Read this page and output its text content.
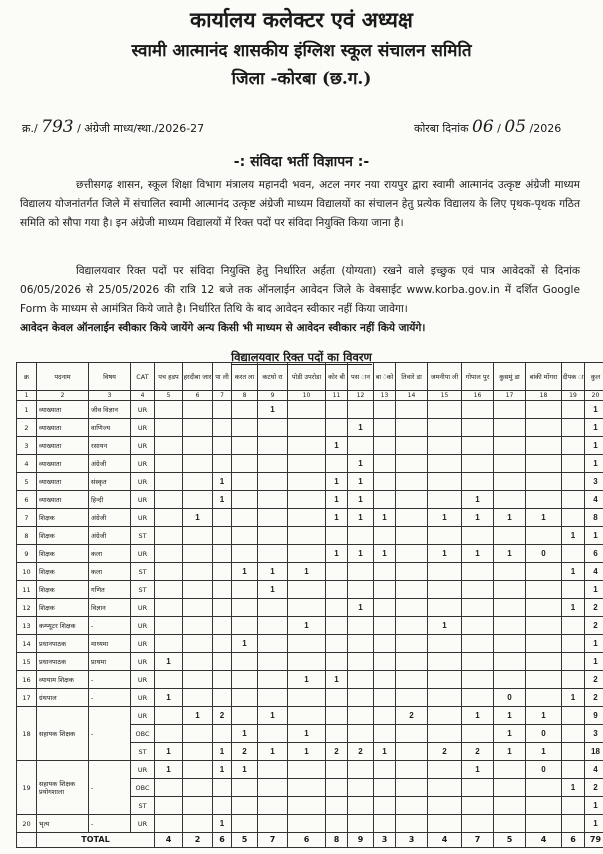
कार्यालय कलेक्टर एवं अध्यक्ष
स्वामी आत्मानंद शासकीय इंग्लिश स्कूल संचालन समिति
जिला -कोरबा (छ.ग.)
क्र./ 793 / अंग्रेजी माध्य/स्था./2026-27	कोरबा दिनांक 06 / 05 /2026
-: संविदा भर्ती विज्ञापन :-
छत्तीसगढ़ शासन, स्कूल शिक्षा विभाग मंत्रालय महानदी भवन, अटल नगर नया रायपुर द्वारा स्वामी आत्मानंद उत्कृष्ट अंग्रेजी माध्यम विद्यालय योजनांतर्गत जिले में संचालित स्वामी आत्मानंद उत्कृष्ट अंग्रेजी माध्यम विद्यालयों का संचालन हेतु प्रत्येक विद्यालय के लिए पृथक-पृथक गठित समिति को सौपा गया है। इन अंग्रेजी माध्यम विद्यालयों में रिक्त पदों पर संविदा नियुक्ति किया जाना है।
विद्यालयवार रिक्त पदों पर संविदा नियुक्ति हेतु निर्धारित अर्हता (योग्यता) रखने वाले इच्छुक एवं पात्र आवेदकों से दिनांक 06/05/2026 से 25/05/2026 की रात्रि 12 बजे तक ऑनलाईन आवेदन जिले के वेबसाईट www.korba.gov.in में दर्शित Google Form के माध्यम से आमंत्रित किये जाते है। निर्धारित तिथि के बाद आवेदन स्वीकार नहीं किया जावेगा।
आवेदन केवल ऑनलाईन स्वीकार किये जायेंगे अन्य किसी भी माध्यम से आवेदन स्वीकार नहीं किये जायेंगे।
विद्यालयवार रिक्त पदों का विवरण
क्र	पदनाम	विषय	CAT	पच हडप	हरदीबा जार	पा ली	करत ला	कटघो रा	पोडी उपरोडा	कोर बी	पस ान	बा ंको	तिवारे डा	जमनीपा ली	गोपाल पुर	कुसमुं डा	बांकी मोंगरा	दीपक ा	कुल
1	2	3	4	5	6	7	8	9	10	11	12	13	14	15	16	17	18	19	20
1	व्याख्याता	जीव विज्ञान	UR					1											1
2	व्याख्याता	वाणिज्य	UR								1								1
3	व्याख्याता	रसायन	UR							1									1
4	व्याख्याता	अंग्रेजी	UR								1								1
5	व्याख्याता	संस्कृत	UR			1				1	1								3
6	व्याख्याता	हिन्दी	UR			1				1	1				1				4
7	शिक्षक	अंग्रेजी	UR		1					1	1	1		1	1	1	1		8
8	शिक्षक	अंग्रेजी	ST															1	1
9	शिक्षक	कला	UR							1	1	1		1	1	1	0		6
10	शिक्षक	कला	ST				1	1	1									1	4
11	शिक्षक	गणित	ST					1											1
12	शिक्षक	विज्ञान	UR								1							1	2
13	कम्प्यूटर शिक्षक	-	UR						1					1					2
14	प्रधानपाठक	माध्यमा	UR				1												1
15	प्रधानपाठक	प्राथमा	UR	1															1
16	व्यायाम शिक्षक	-	UR						1	1									2
17	ग्रंथपाल	-	UR	1												0		1	2
18	सहायक शिक्षक	-	UR		1	2		1					2		1	1	1		9
			OBC				1		1							1	0		3
			ST	1		1	2	1	1	2	2	1		2	2	1	1		18
19	सहायक शिक्षक प्रयोगशाला	-	UR	1		1	1								1		0		4
			OBC															1	2
			ST																1
20	भृत्य	-	UR			1													1
	TOTAL			4	2	6	5	7	6	8	9	3	3	4	7	5	4	6	79
